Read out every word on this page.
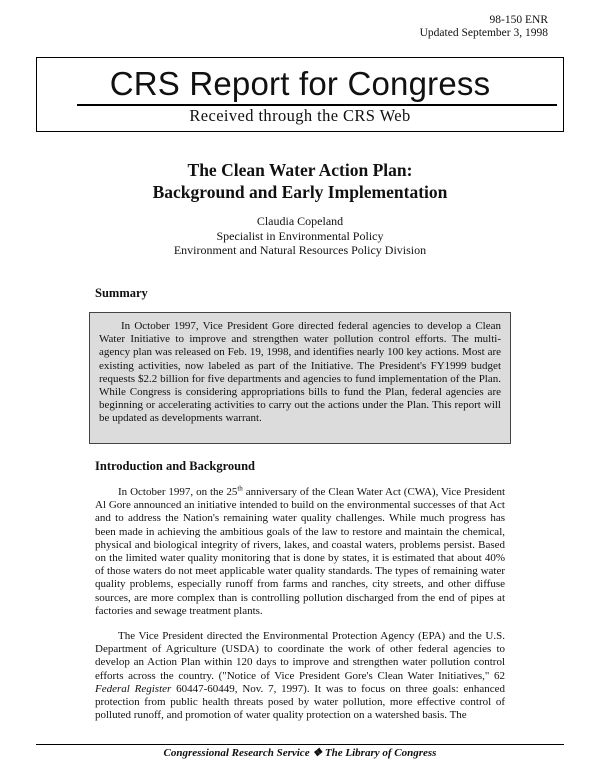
98-150 ENR
Updated September 3, 1998
CRS Report for Congress
Received through the CRS Web
The Clean Water Action Plan:
Background and Early Implementation
Claudia Copeland
Specialist in Environmental Policy
Environment and Natural Resources Policy Division
Summary

In October 1997, Vice President Gore directed federal agencies to develop a Clean Water Initiative to improve and strengthen water pollution control efforts. The multi-agency plan was released on Feb. 19, 1998, and identifies nearly 100 key actions. Most are existing activities, now labeled as part of the Initiative. The President's FY1999 budget requests $2.2 billion for five departments and agencies to fund implementation of the Plan. While Congress is considering appropriations bills to fund the Plan, federal agencies are beginning or accelerating activities to carry out the actions under the Plan. This report will be updated as developments warrant.

Introduction and Background

In October 1997, on the 25th anniversary of the Clean Water Act (CWA), Vice President Al Gore announced an initiative intended to build on the environmental successes of that Act and to address the Nation's remaining water quality challenges. While much progress has been made in achieving the ambitious goals of the law to restore and maintain the chemical, physical and biological integrity of rivers, lakes, and coastal waters, problems persist. Based on the limited water quality monitoring that is done by states, it is estimated that about 40% of those waters do not meet applicable water quality standards. The types of remaining water quality problems, especially runoff from farms and ranches, city streets, and other diffuse sources, are more complex than is controlling pollution discharged from the end of pipes at factories and sewage treatment plants.

The Vice President directed the Environmental Protection Agency (EPA) and the U.S. Department of Agriculture (USDA) to coordinate the work of other federal agencies to develop an Action Plan within 120 days to improve and strengthen water pollution control efforts across the country. ("Notice of Vice President Gore's Clean Water Initiatives," 62 Federal Register 60447-60449, Nov. 7, 1997). It was to focus on three goals: enhanced protection from public health threats posed by water pollution, more effective control of polluted runoff, and promotion of water quality protection on a watershed basis. The

Congressional Research Service ❖ The Library of Congress
